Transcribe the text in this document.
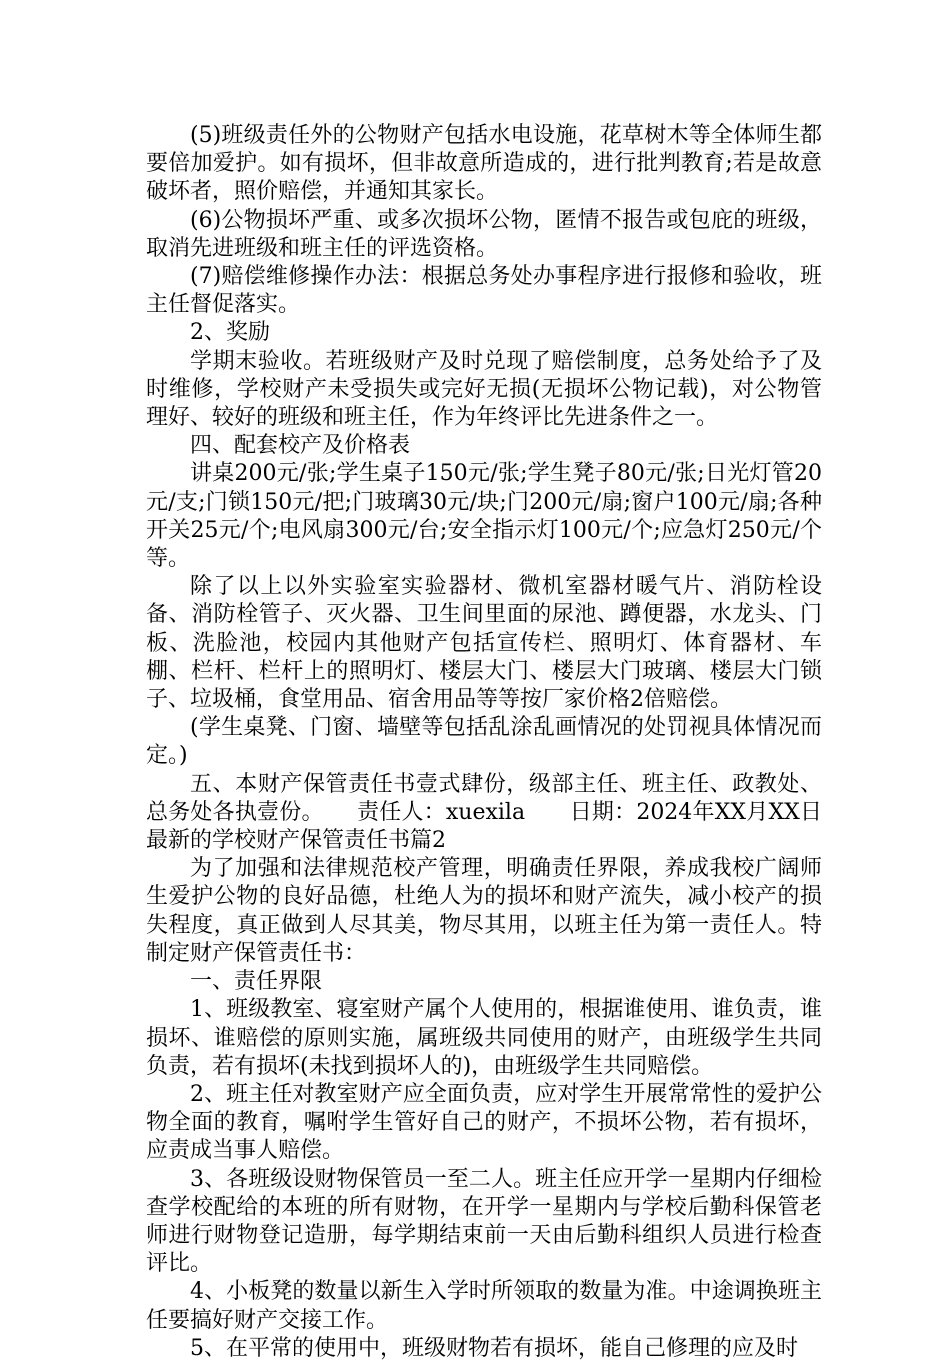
(5)班级责任外的公物财产包括水电设施，花草树木等全体师生都要倍加爱护。如有损坏，但非故意所造成的，进行批判教育;若是故意破坏者，照价赔偿，并通知其家长。

(6)公物损坏严重、或多次损坏公物，匿情不报告或包庇的班级，取消先进班级和班主任的评选资格。

(7)赔偿维修操作办法：根据总务处办事程序进行报修和验收，班主任督促落实。

2、奖励

学期末验收。若班级财产及时兑现了赔偿制度，总务处给予了及时维修，学校财产未受损失或完好无损(无损坏公物记载)，对公物管理好、较好的班级和班主任，作为年终评比先进条件之一。

四、配套校产及价格表

讲桌200元/张;学生桌子150元/张;学生凳子80元/张;日光灯管20元/支;门锁150元/把;门玻璃30元/块;门200元/扇;窗户100元/扇;各种开关25元/个;电风扇300元/台;安全指示灯100元/个;应急灯250元/个等。

除了以上以外实验室实验器材、微机室器材暖气片、消防栓设备、消防栓管子、灭火器、卫生间里面的尿池、蹲便器，水龙头、门板、洗脸池，校园内其他财产包括宣传栏、照明灯、体育器材、车棚、栏杆、栏杆上的照明灯、楼层大门、楼层大门玻璃、楼层大门锁子、垃圾桶，食堂用品、宿舍用品等等按厂家价格2倍赔偿。

(学生桌凳、门窗、墙壁等包括乱涂乱画情况的处罚视具体情况而定。)

五、本财产保管责任书壹式肆份，级部主任、班主任、政教处、总务处各执壹份。　　责任人：xuexila　　日期：2024年XX月XX日　　最新的学校财产保管责任书篇2

为了加强和法律规范校产管理，明确责任界限，养成我校广阔师生爱护公物的良好品德，杜绝人为的损坏和财产流失，减小校产的损失程度，真正做到人尽其美，物尽其用，以班主任为第一责任人。特制定财产保管责任书：

一、责任界限

1、班级教室、寝室财产属个人使用的，根据谁使用、谁负责，谁损坏、谁赔偿的原则实施，属班级共同使用的财产，由班级学生共同负责，若有损坏(未找到损坏人的)，由班级学生共同赔偿。

2、班主任对教室财产应全面负责，应对学生开展常常性的爱护公物全面的教育，嘱咐学生管好自己的财产，不损坏公物，若有损坏，应责成当事人赔偿。

3、各班级设财物保管员一至二人。班主任应开学一星期内仔细检查学校配给的本班的所有财物，在开学一星期内与学校后勤科保管老师进行财物登记造册，每学期结束前一天由后勤科组织人员进行检查评比。

4、小板凳的数量以新生入学时所领取的数量为准。中途调换班主任要搞好财产交接工作。

5、在平常的使用中，班级财物若有损坏，能自己修理的应及时
